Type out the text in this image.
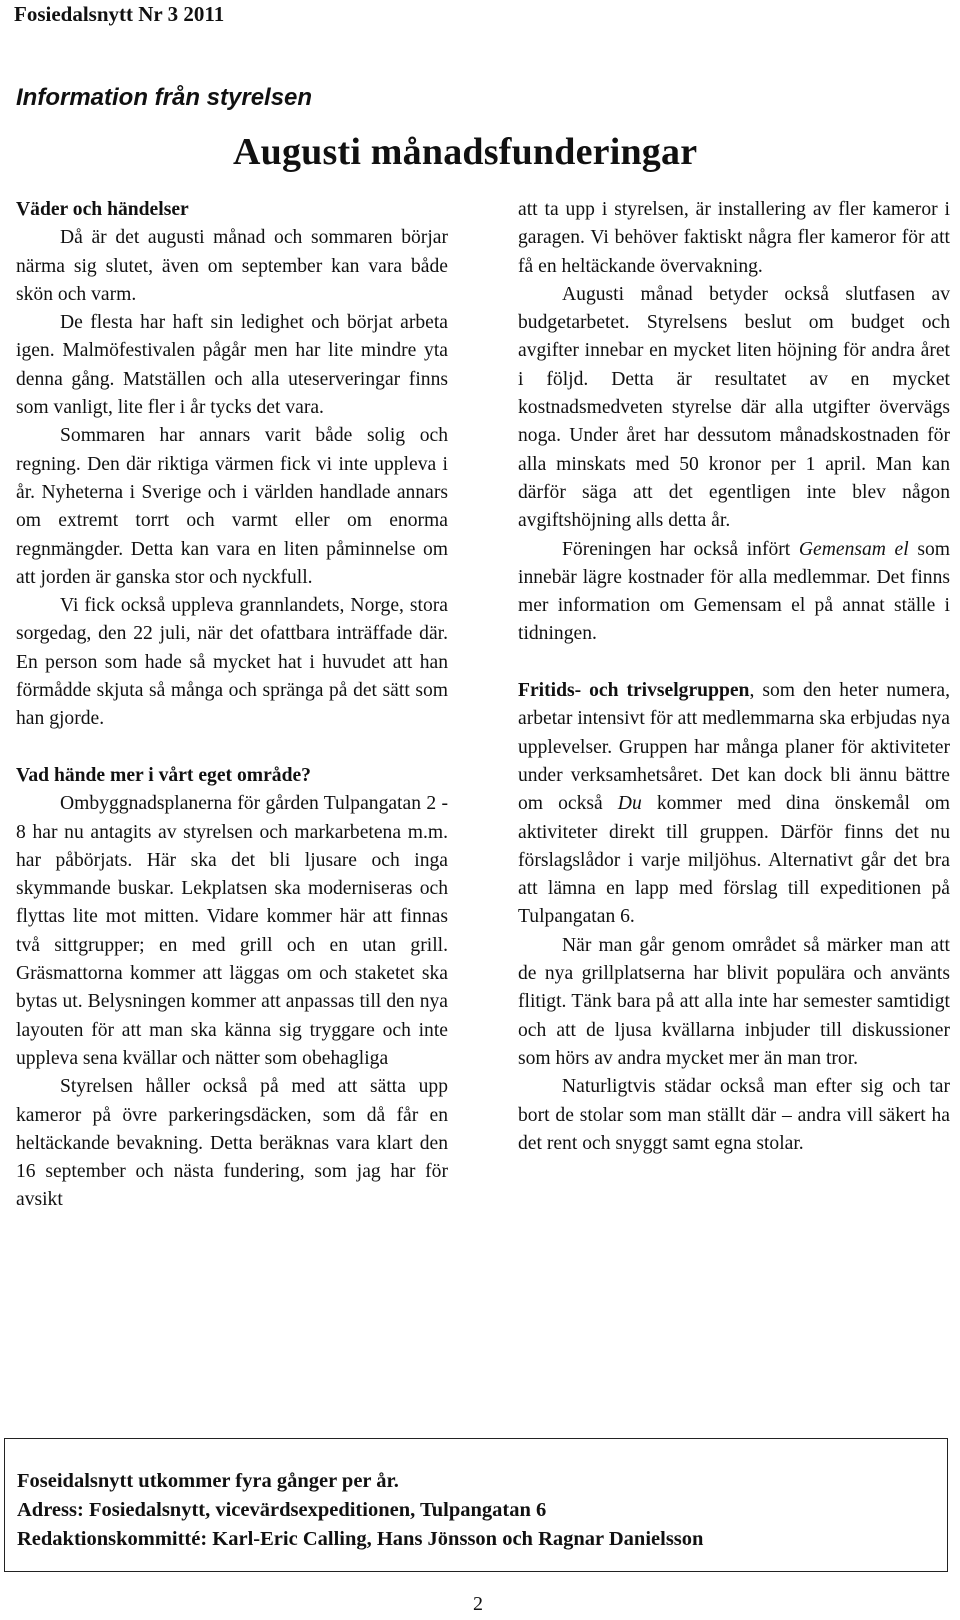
Fosiedalsnytt Nr 3 2011
Information från styrelsen
Augusti månadsfunderingar
Väder och händelser

Då är det augusti månad och sommaren börjar närma sig slutet, även om september kan vara både skön och varm.

De flesta har haft sin ledighet och börjat arbeta igen. Malmöfestivalen pågår men har lite mindre yta denna gång. Matställen och alla uteserveringar finns som vanligt, lite fler i år tycks det vara.

Sommaren har annars varit både solig och regning. Den där riktiga värmen fick vi inte uppleva i år. Nyheterna i Sverige och i världen handlade annars om extremt torrt och varmt eller om enorma regnmängder. Detta kan vara en liten påminnelse om att jorden är ganska stor och nyckfull.

Vi fick också uppleva grannlandets, Norge, stora sorgedag, den 22 juli, när det ofattbara inträffade där. En person som hade så mycket hat i huvudet att han förmådde skjuta så många och spränga på det sätt som han gjorde.

Vad hände mer i vårt eget område?

Ombyggnadsplanerna för gården Tulpangatan 2 - 8 har nu antagits av styrelsen och markarbetena m.m. har påbörjats. Här ska det bli ljusare och inga skymmande buskar. Lekplatsen ska moderniseras och flyttas lite mot mitten. Vidare kommer här att finnas två sittgrupper; en med grill och en utan grill. Gräsmattorna kommer att läggas om och staketet ska bytas ut. Belysningen kommer att anpassas till den nya layouten för att man ska känna sig tryggare och inte uppleva sena kvällar och nätter som obehagliga

Styrelsen håller också på med att sätta upp kameror på övre parkeringsdäcken, som då får en heltäckande bevakning. Detta beräknas vara klart den 16 september och nästa fundering, som jag har för avsikt

att ta upp i styrelsen, är installering av fler kameror i garagen. Vi behöver faktiskt några fler kameror för att få en heltäckande övervakning.

Augusti månad betyder också slutfasen av budgetarbetet. Styrelsens beslut om budget och avgifter innebar en mycket liten höjning för andra året i följd. Detta är resultatet av en mycket kostnadsmedveten styrelse där alla utgifter övervägs noga. Under året har dessutom månadskostnaden för alla minskats med 50 kronor per 1 april. Man kan därför säga att det egentligen inte blev någon avgiftshöjning alls detta år.

Föreningen har också infört Gemensam el som innebär lägre kostnader för alla medlemmar. Det finns mer information om Gemensam el på annat ställe i tidningen.

Fritids- och trivselgruppen, som den heter numera, arbetar intensivt för att medlemmarna ska erbjudas nya upplevelser. Gruppen har många planer för aktiviteter under verksamhetsåret. Det kan dock bli ännu bättre om också Du kommer med dina önskemål om aktiviteter direkt till gruppen. Därför finns det nu förslagslådor i varje miljöhus. Alternativt går det bra att lämna en lapp med förslag till expeditionen på Tulpangatan 6.

När man går genom området så märker man att de nya grillplatserna har blivit populära och använts flitigt. Tänk bara på att alla inte har semester samtidigt och att de ljusa kvällarna inbjuder till diskussioner som hörs av andra mycket mer än man tror.

Naturligtvis städar också man efter sig och tar bort de stolar som man ställt där – andra vill säkert ha det rent och snyggt samt egna stolar.

Foseidalsnytt utkommer fyra gånger per år.
Adress: Fosiedalsnytt, vicevärdsexpeditionen, Tulpangatan 6
Redaktionskommitté: Karl-Eric Calling, Hans Jönsson och Ragnar Danielsson
2
